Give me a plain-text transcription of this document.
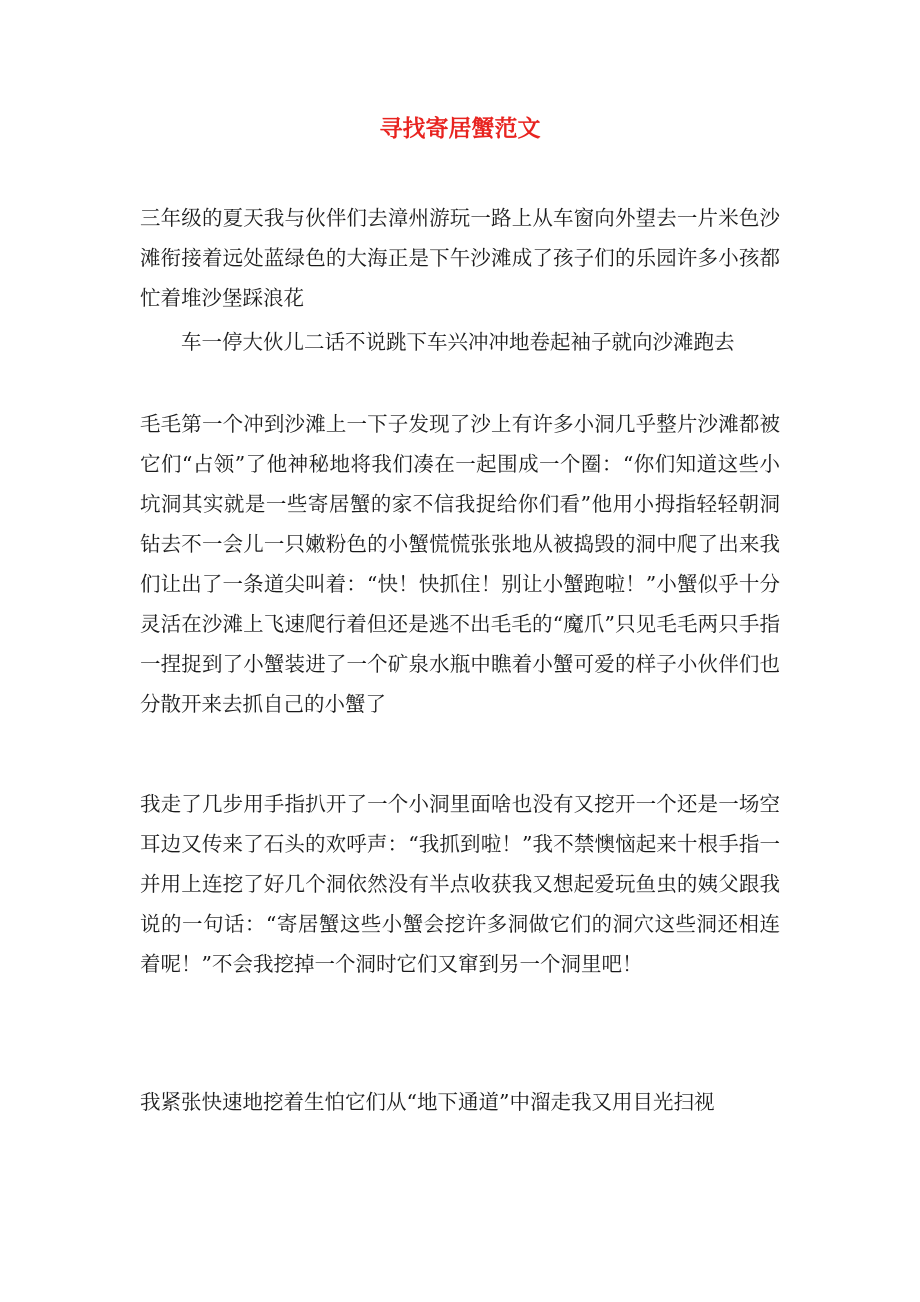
寻找寄居蟹范文

三年级的夏天我与伙伴们去漳州游玩一路上从车窗向外望去一片米色沙滩衔接着远处蓝绿色的大海正是下午沙滩成了孩子们的乐园许多小孩都忙着堆沙堡踩浪花

车一停大伙儿二话不说跳下车兴冲冲地卷起袖子就向沙滩跑去

毛毛第一个冲到沙滩上一下子发现了沙上有许多小洞几乎整片沙滩都被它们“占领”了他神秘地将我们凑在一起围成一个圈：“你们知道这些小坑洞其实就是一些寄居蟹的家不信我捉给你们看”他用小拇指轻轻朝洞钻去不一会儿一只嫩粉色的小蟹慌慌张张地从被捣毁的洞中爬了出来我们让出了一条道尖叫着：“快！快抓住！别让小蟹跑啦！”小蟹似乎十分灵活在沙滩上飞速爬行着但还是逃不出毛毛的“魔爪”只见毛毛两只手指一捏捉到了小蟹装进了一个矿泉水瓶中瞧着小蟹可爱的样子小伙伴们也分散开来去抓自己的小蟹了

我走了几步用手指扒开了一个小洞里面啥也没有又挖开一个还是一场空耳边又传来了石头的欢呼声：“我抓到啦！”我不禁懊恼起来十根手指一并用上连挖了好几个洞依然没有半点收获我又想起爱玩鱼虫的姨父跟我说的一句话：“寄居蟹这些小蟹会挖许多洞做它们的洞穴这些洞还相连着呢！”不会我挖掉一个洞时它们又窜到另一个洞里吧！

我紧张快速地挖着生怕它们从“地下通道”中溜走我又用目光扫视
